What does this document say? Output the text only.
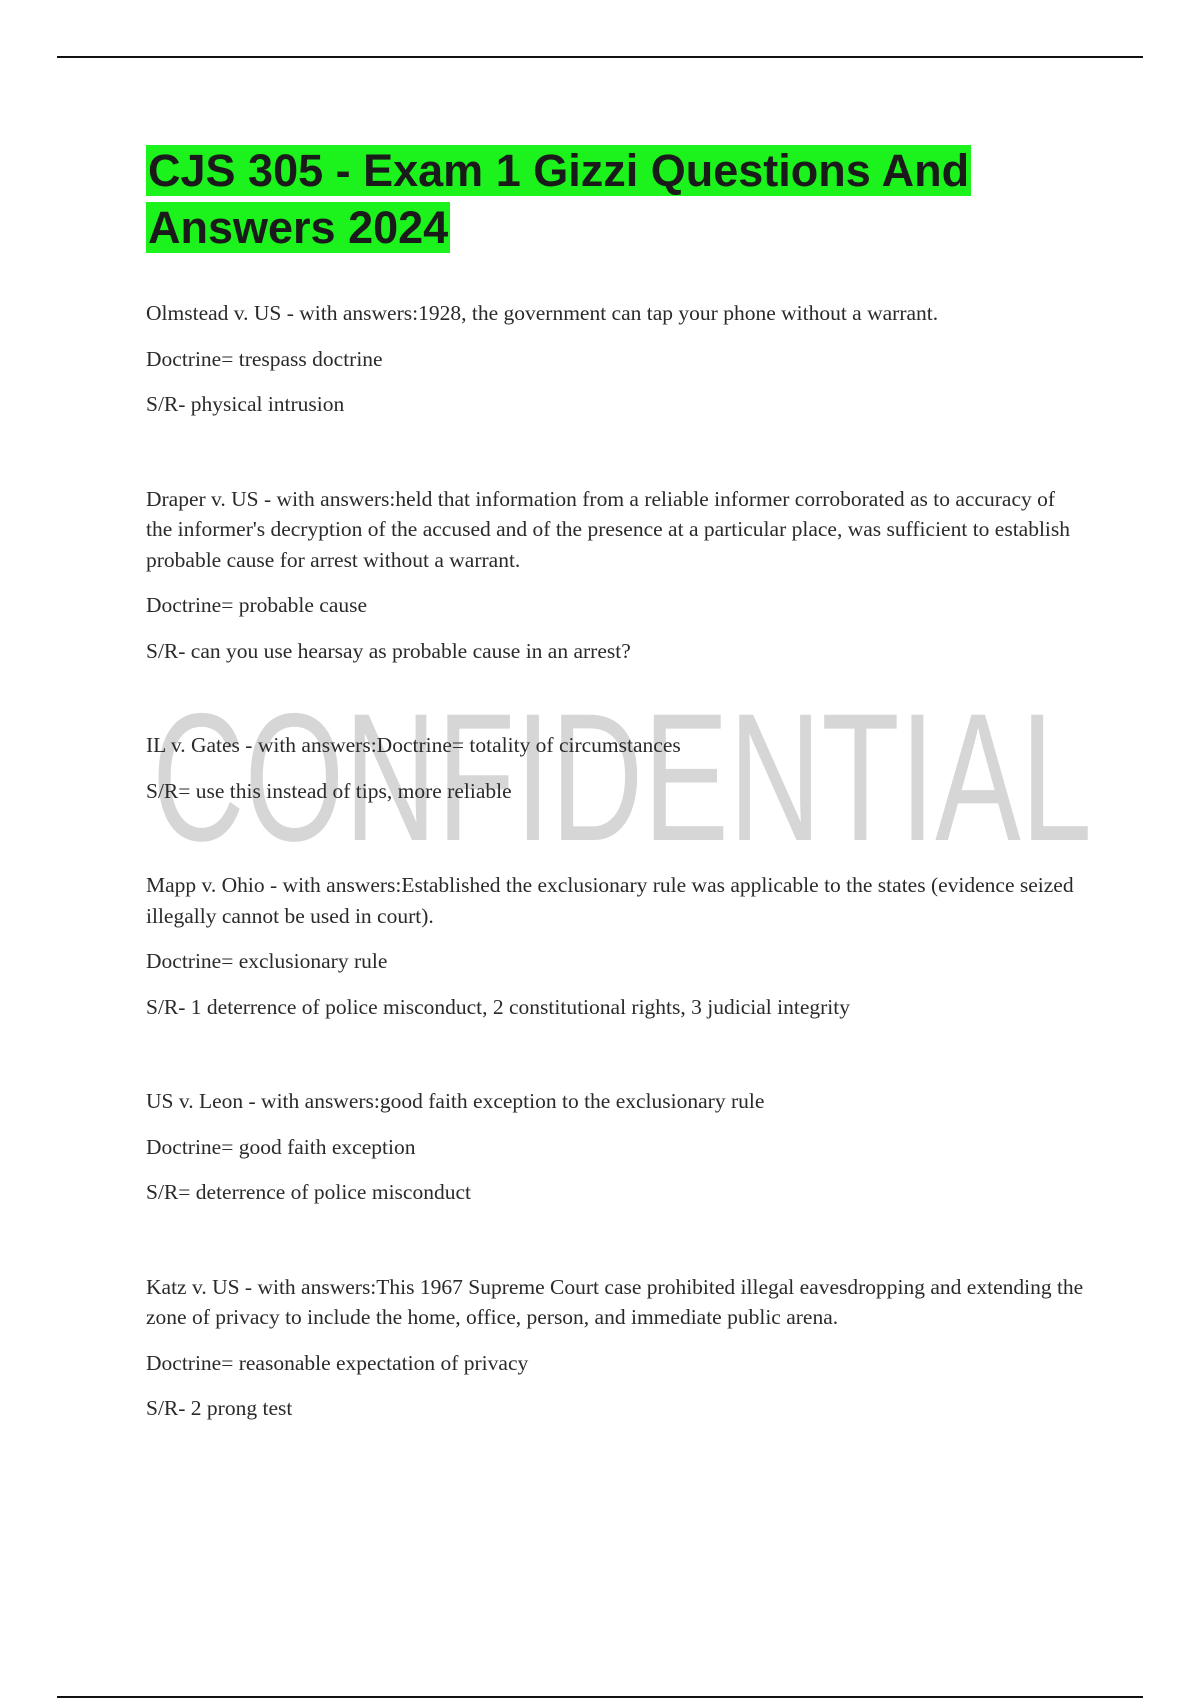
CONFIDENTIAL
CJS 305 - Exam 1 Gizzi Questions And Answers 2024

Olmstead v. US - with answers:1928, the government can tap your phone without a warrant.

Doctrine= trespass doctrine

S/R- physical intrusion

Draper v. US - with answers:held that information from a reliable informer corroborated as to accuracy of the informer's decryption of the accused and of the presence at a particular place, was sufficient to establish probable cause for arrest without a warrant.

Doctrine= probable cause

S/R- can you use hearsay as probable cause in an arrest?

IL v. Gates - with answers:Doctrine= totality of circumstances

S/R= use this instead of tips, more reliable

Mapp v. Ohio - with answers:Established the exclusionary rule was applicable to the states (evidence seized illegally cannot be used in court).

Doctrine= exclusionary rule

S/R- 1 deterrence of police misconduct, 2 constitutional rights, 3 judicial integrity

US v. Leon - with answers:good faith exception to the exclusionary rule

Doctrine= good faith exception

S/R= deterrence of police misconduct

Katz v. US - with answers:This 1967 Supreme Court case prohibited illegal eavesdropping and extending the zone of privacy to include the home, office, person, and immediate public arena.

Doctrine= reasonable expectation of privacy

S/R- 2 prong test
